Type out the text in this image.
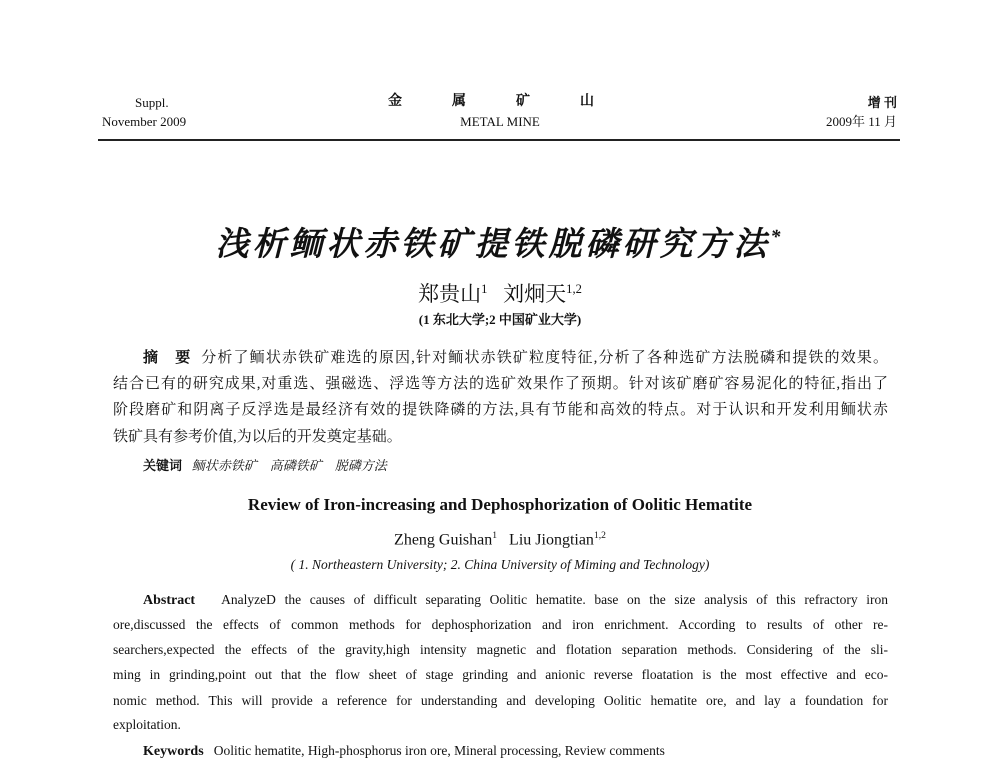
Suppl.
November 2009
金　属　矿　山
METAL MINE
增 刊
2009年 11 月
浅析鲕状赤铁矿提铁脱磷研究方法*
郑贵山$^1$ 刘炯天$^{1,2}$
(1 东北大学;2 中国矿业大学)
摘　要 分析了鲕状赤铁矿难选的原因,针对鲕状赤铁矿粒度特征,分析了各种选矿方法脱磷和提铁的效果。
结合已有的研究成果,对重选、强磁选、浮选等方法的选矿效果作了预期。针对该矿磨矿容易泥化的特征,指出了
阶段磨矿和阴离子反浮选是最经济有效的提铁降磷的方法,具有节能和高效的特点。对于认识和开发利用鲕状赤
铁矿具有参考价值,为以后的开发奠定基础。
关键词 鲕状赤铁矿　高磷铁矿　脱磷方法
Review of Iron-increasing and Dephosphorization of Oolitic Hematite
Zheng Guishan$^1$ Liu Jiongtian$^{1,2}$
( 1. Northeastern University; 2. China University of Miming and Technology)
Abstract AnalyzeD the causes of difficult separating Oolitic hematite. base on the size analysis of this refractory iron
ore,discussed the effects of common methods for dephosphorization and iron enrichment. According to results of other re-
searchers,expected the effects of the gravity,high intensity magnetic and flotation separation methods. Considering of the sli-
ming in grinding,point out that the flow sheet of stage grinding and anionic reverse floatation is the most effective and eco-
nomic method. This will provide a reference for understanding and developing Oolitic hematite ore, and lay a foundation for
exploitation.
Keywords Oolitic hematite, High-phosphorus iron ore, Mineral processing, Review comments
